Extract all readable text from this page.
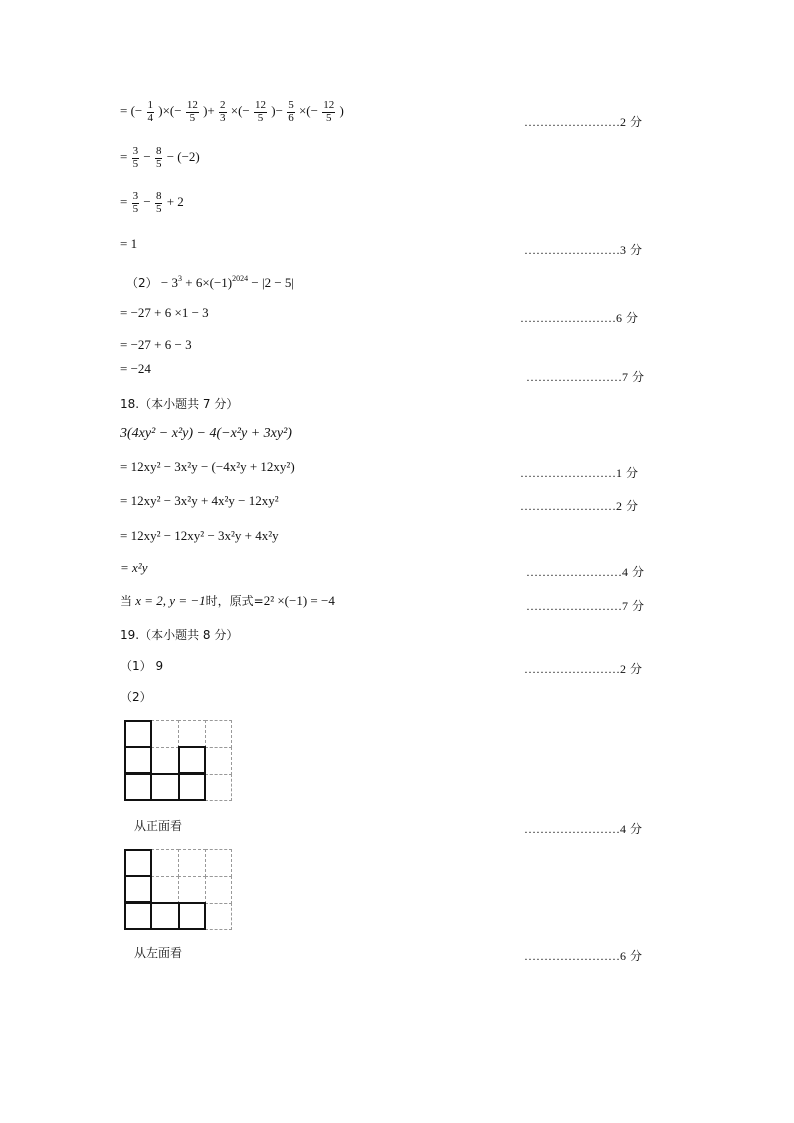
= (− $\frac{1}{4}$ )×(− $\frac{12}{5}$ )+ $\frac{2}{3}$ ×(− $\frac{12}{5}$ )− $\frac{5}{6}$ ×(− $\frac{12}{5}$ )
……………………2 分
= $\frac{3}{5} - \frac{8}{5} - (-2)$
= $\frac{3}{5} - \frac{8}{5} + 2$
= 1	……………………3 分
$(2) - 3^3 + 6\times(-1)^{2024} - |2 - 5|$
= −27 + 6 ×1 − 3	……………………6 分
= −27 + 6 − 3
= −24
……………………7 分
18.（本小题共 7 分）
3(4xy² − x²y) − 4(−x²y + 3xy²)
= 12xy² − 3x²y − (−4x²y + 12xy²)	……………………1 分
= 12xy² − 3x²y + 4x²y − 12xy²	……………………2 分
= 12xy² − 12xy² − 3x²y + 4x²y
= x²y	……………………4 分
当 x = 2, y = −1时，原式=2² ×(−1) = −4	……………………7 分
19.（本小题共 8 分）
（1） 9	……………………2 分
（2）
从正面看	……………………4 分
从左面看	……………………6 分
